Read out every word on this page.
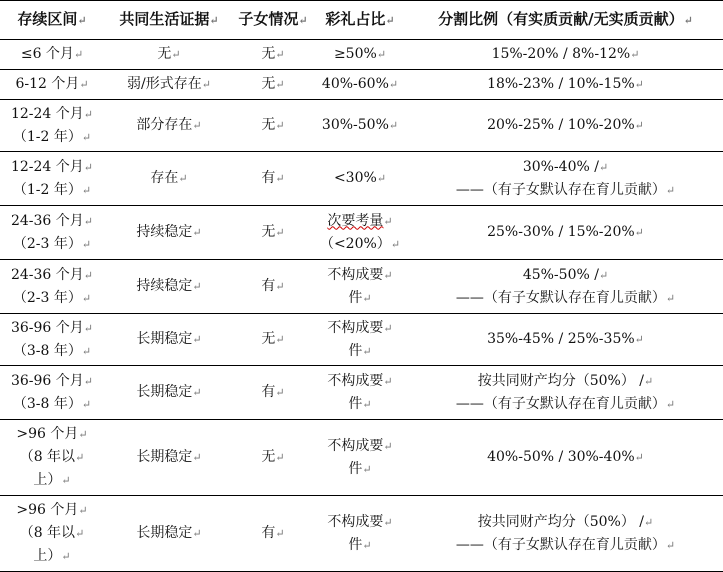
存续区间↵	共同生活证据↵	子女情况↵	彩礼占比↵	分割比例（有实质贡献/无实质贡献）↵

≤6 个月↵	无↵	无↵	≥50%↵	15%-20% / 8%-12%↵

6-12 个月↵	弱/形式存在↵	无↵	40%-60%↵	18%-23% / 10%-15%↵

12-24 个月↵
（1-2 年）↵	部分存在↵	无↵	30%-50%↵	20%-25% / 10%-20%↵

12-24 个月↵
（1-2 年）↵	存在↵	有↵	<30%↵	30%-40% /↵
——（有子女默认存在育儿贡献）↵

24-36 个月↵
（2-3 年）↵	持续稳定↵	无↵	次要考量↵
（<20%）↵	25%-30% / 15%-20%↵

24-36 个月↵
（2-3 年）↵	持续稳定↵	有↵	不构成要↵
件↵	45%-50% /↵
——（有子女默认存在育儿贡献）↵

36-96 个月↵
（3-8 年）↵	长期稳定↵	无↵	不构成要↵
件↵	35%-45% / 25%-35%↵

36-96 个月↵
（3-8 年）↵	长期稳定↵	有↵	不构成要↵
件↵	按共同财产均分（50%） /↵
——（有子女默认存在育儿贡献）↵

>96 个月↵
（8 年以↵
上）↵	长期稳定↵	无↵	不构成要↵
件↵	40%-50% / 30%-40%↵

>96 个月↵
（8 年以↵
上）↵	长期稳定↵	有↵	不构成要↵
件↵	按共同财产均分（50%） /↵
——（有子女默认存在育儿贡献）↵
